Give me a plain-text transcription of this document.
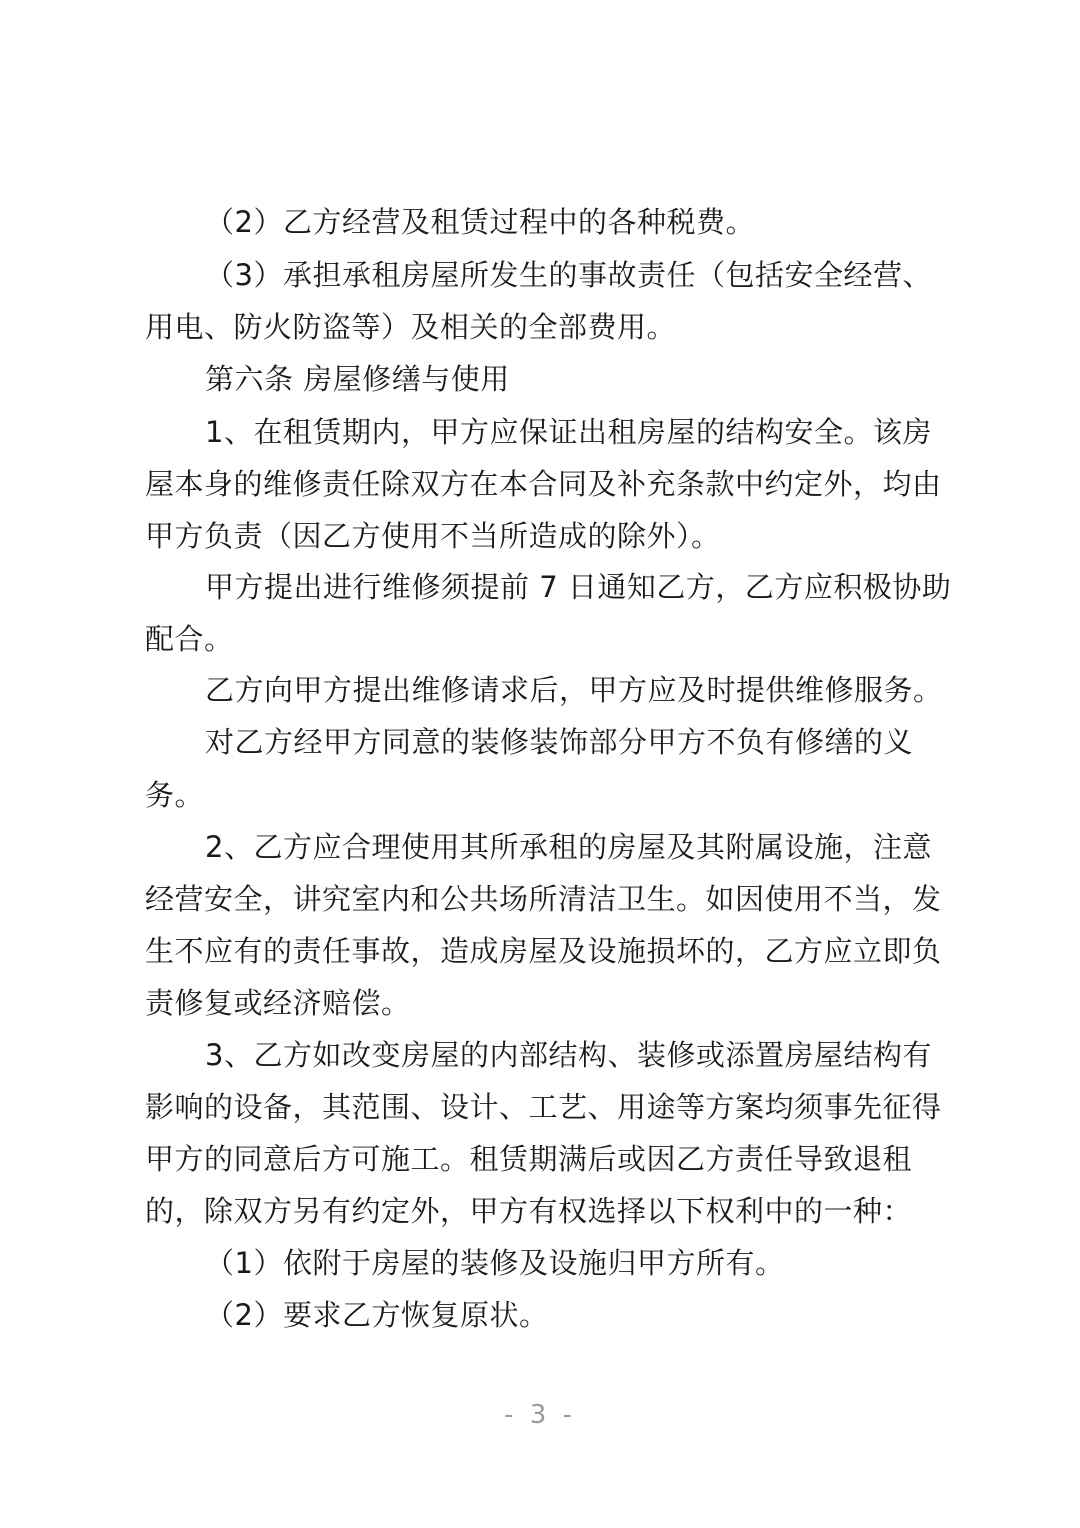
（2）乙方经营及租赁过程中的各种税费。
（3）承担承租房屋所发生的事故责任（包括安全经营、
用电、防火防盗等）及相关的全部费用。
第六条 房屋修缮与使用
1、在租赁期内，甲方应保证出租房屋的结构安全。该房
屋本身的维修责任除双方在本合同及补充条款中约定外，均由
甲方负责（因乙方使用不当所造成的除外）。
甲方提出进行维修须提前 7 日通知乙方，乙方应积极协助
配合。
乙方向甲方提出维修请求后，甲方应及时提供维修服务。
对乙方经甲方同意的装修装饰部分甲方不负有修缮的义
务。
2、乙方应合理使用其所承租的房屋及其附属设施，注意
经营安全，讲究室内和公共场所清洁卫生。如因使用不当，发
生不应有的责任事故，造成房屋及设施损坏的，乙方应立即负
责修复或经济赔偿。
3、乙方如改变房屋的内部结构、装修或添置房屋结构有
影响的设备，其范围、设计、工艺、用途等方案均须事先征得
甲方的同意后方可施工。租赁期满后或因乙方责任导致退租
的，除双方另有约定外，甲方有权选择以下权利中的一种：
（1）依附于房屋的装修及设施归甲方所有。
（2）要求乙方恢复原状。
- 3 -
